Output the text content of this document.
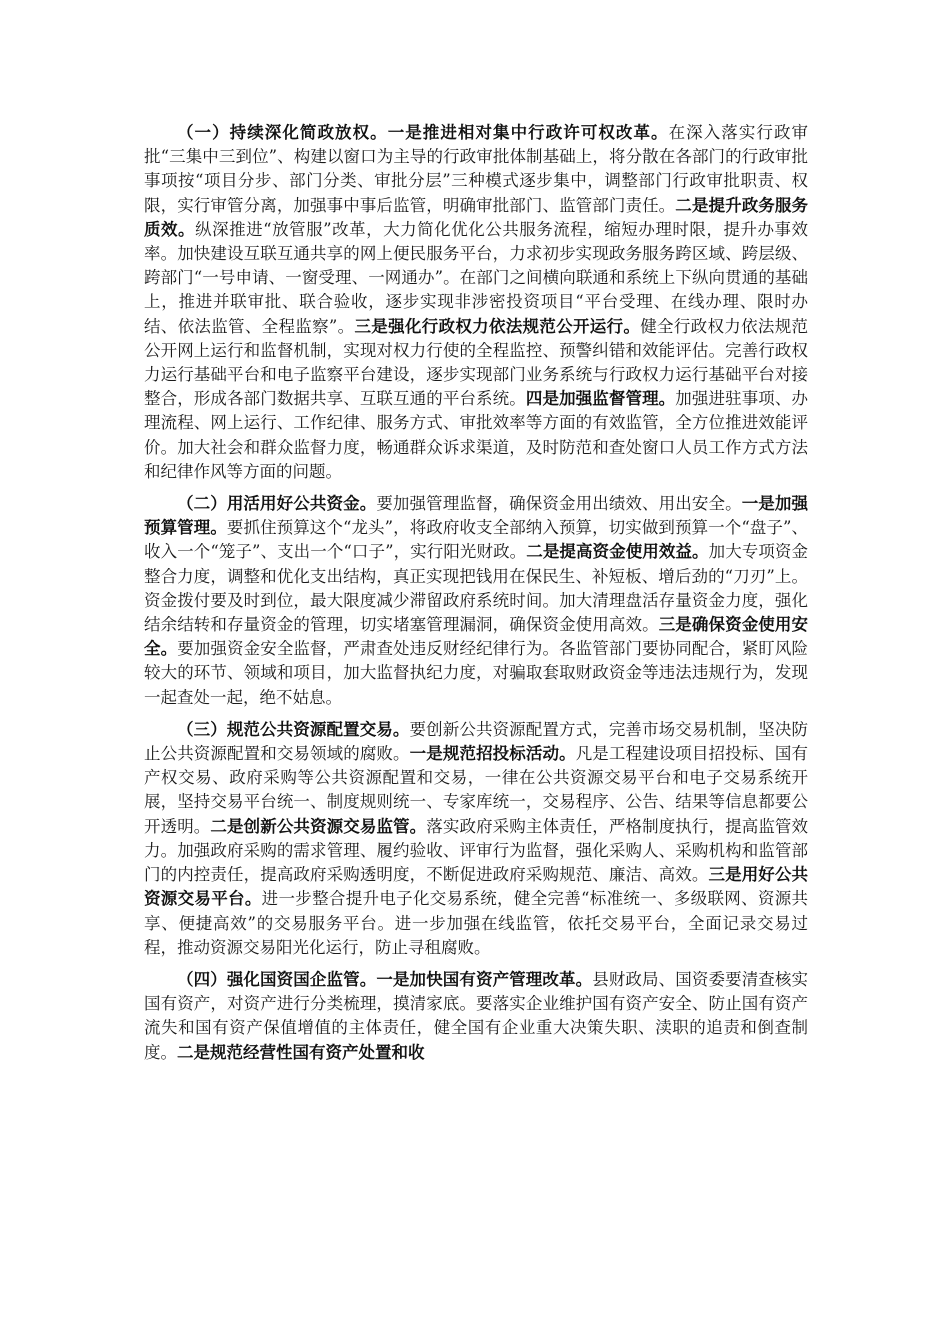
（一）持续深化简政放权。一是推进相对集中行政许可权改革。在深入落实行政审批“三集中三到位”、构建以窗口为主导的行政审批体制基础上，将分散在各部门的行政审批事项按“项目分步、部门分类、审批分层”三种模式逐步集中，调整部门行政审批职责、权限，实行审管分离，加强事中事后监管，明确审批部门、监管部门责任。二是提升政务服务质效。纵深推进“放管服”改革，大力简化优化公共服务流程，缩短办理时限，提升办事效率。加快建设互联互通共享的网上便民服务平台，力求初步实现政务服务跨区域、跨层级、跨部门“一号申请、一窗受理、一网通办”。在部门之间横向联通和系统上下纵向贯通的基础上，推进并联审批、联合验收，逐步实现非涉密投资项目“平台受理、在线办理、限时办结、依法监管、全程监察”。三是强化行政权力依法规范公开运行。健全行政权力依法规范公开网上运行和监督机制，实现对权力行使的全程监控、预警纠错和效能评估。完善行政权力运行基础平台和电子监察平台建设，逐步实现部门业务系统与行政权力运行基础平台对接整合，形成各部门数据共享、互联互通的平台系统。四是加强监督管理。加强进驻事项、办理流程、网上运行、工作纪律、服务方式、审批效率等方面的有效监管，全方位推进效能评价。加大社会和群众监督力度，畅通群众诉求渠道，及时防范和查处窗口人员工作方式方法和纪律作风等方面的问题。

（二）用活用好公共资金。要加强管理监督，确保资金用出绩效、用出安全。一是加强预算管理。要抓住预算这个“龙头”，将政府收支全部纳入预算，切实做到预算一个“盘子”、收入一个“笼子”、支出一个“口子”，实行阳光财政。二是提高资金使用效益。加大专项资金整合力度，调整和优化支出结构，真正实现把钱用在保民生、补短板、增后劲的“刀刃”上。资金拨付要及时到位，最大限度减少滞留政府系统时间。加大清理盘活存量资金力度，强化结余结转和存量资金的管理，切实堵塞管理漏洞，确保资金使用高效。三是确保资金使用安全。要加强资金安全监督，严肃查处违反财经纪律行为。各监管部门要协同配合，紧盯风险较大的环节、领域和项目，加大监督执纪力度，对骗取套取财政资金等违法违规行为，发现一起查处一起，绝不姑息。

（三）规范公共资源配置交易。要创新公共资源配置方式，完善市场交易机制，坚决防止公共资源配置和交易领域的腐败。一是规范招投标活动。凡是工程建设项目招投标、国有产权交易、政府采购等公共资源配置和交易，一律在公共资源交易平台和电子交易系统开展，坚持交易平台统一、制度规则统一、专家库统一，交易程序、公告、结果等信息都要公开透明。二是创新公共资源交易监管。落实政府采购主体责任，严格制度执行，提高监管效力。加强政府采购的需求管理、履约验收、评审行为监督，强化采购人、采购机构和监管部门的内控责任，提高政府采购透明度，不断促进政府采购规范、廉洁、高效。三是用好公共资源交易平台。进一步整合提升电子化交易系统，健全完善“标准统一、多级联网、资源共享、便捷高效”的交易服务平台。进一步加强在线监管，依托交易平台，全面记录交易过程，推动资源交易阳光化运行，防止寻租腐败。

（四）强化国资国企监管。一是加快国有资产管理改革。县财政局、国资委要清查核实国有资产，对资产进行分类梳理，摸清家底。要落实企业维护国有资产安全、防止国有资产流失和国有资产保值增值的主体责任，健全国有企业重大决策失职、渎职的追责和倒查制度。二是规范经营性国有资产处置和收
